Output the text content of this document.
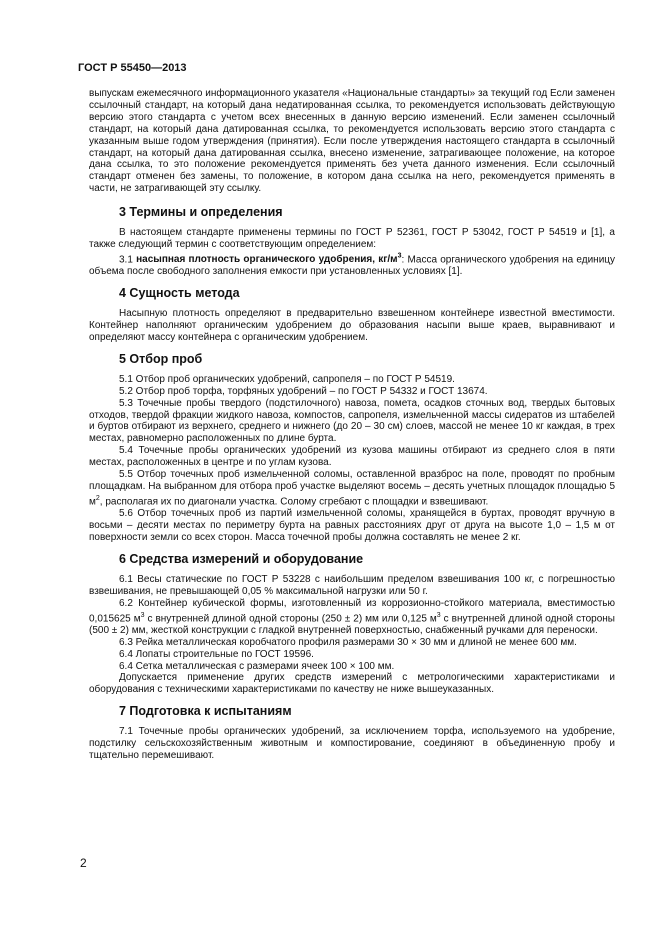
ГОСТ Р 55450—2013

выпускам ежемесячного информационного указателя «Национальные стандарты» за текущий год Если заменен ссылочный стандарт, на который дана недатированная ссылка, то рекомендуется использовать действующую версию этого стандарта с учетом всех внесенных в данную версию изменений. Если заменен ссылочный стандарт, на который дана датированная ссылка, то рекомендуется использовать версию этого стандарта с указанным выше годом утверждения (принятия). Если после утверждения настоящего стандарта в ссылочный стандарт, на который дана датированная ссылка, внесено изменение, затрагивающее положение, на которое дана ссылка, то это положение рекомендуется применять без учета данного изменения. Если ссылочный стандарт отменен без замены, то положение, в котором дана ссылка на него, рекомендуется применять в части, не затрагивающей эту ссылку.

3 Термины и определения

В настоящем стандарте применены термины по ГОСТ Р 52361, ГОСТ Р 53042, ГОСТ Р 54519 и [1], а также следующий термин с соответствующим определением:

3.1 насыпная плотность органического удобрения, $кг/м^3$: Масса органического удобрения на единицу объема после свободного заполнения емкости при установленных условиях [1].

4 Сущность метода

Насыпную плотность определяют в предварительно взвешенном контейнере известной вместимости. Контейнер наполняют органическим удобрением до образования насыпи выше краев, выравнивают и определяют массу контейнера с органическим удобрением.

5 Отбор проб

5.1 Отбор проб органических удобрений, сапропеля – по ГОСТ Р 54519.

5.2 Отбор проб торфа, торфяных удобрений – по ГОСТ Р 54332 и ГОСТ 13674.

5.3 Точечные пробы твердого (подстилочного) навоза, помета, осадков сточных вод, твердых бытовых отходов, твердой фракции жидкого навоза, компостов, сапропеля, измельченной массы сидератов из штабелей и буртов отбирают из верхнего, среднего и нижнего (до 20 – 30 см) слоев, массой не менее 10 кг каждая, в трех местах, равномерно расположенных по длине бурта.

5.4 Точечные пробы органических удобрений из кузова машины отбирают из среднего слоя в пяти местах, расположенных в центре и по углам кузова.

5.5 Отбор точечных проб измельченной соломы, оставленной вразброс на поле, проводят по пробным площадкам. На выбранном для отбора проб участке выделяют восемь – десять учетных площадок площадью 5 $м^2$, располагая их по диагонали участка. Солому сгребают с площадки и взвешивают.

5.6 Отбор точечных проб из партий измельченной соломы, хранящейся в буртах, проводят вручную в восьми – десяти местах по периметру бурта на равных расстояниях друг от друга на высоте 1,0 – 1,5 м от поверхности земли со всех сторон. Масса точечной пробы должна составлять не менее 2 кг.

6 Средства измерений и оборудование

6.1 Весы статические по ГОСТ Р 53228 с наибольшим пределом взвешивания 100 кг, с погрешностью взвешивания, не превышающей 0,05 % максимальной нагрузки или 50 г.

6.2 Контейнер кубической формы, изготовленный из коррозионно-стойкого материала, вместимостью 0,015625 $м^3$ с внутренней длиной одной стороны (250 ± 2) мм или 0,125 $м^3$ с внутренней длиной одной стороны (500 ± 2) мм, жесткой конструкции с гладкой внутренней поверхностью, снабженный ручками для переноски.

6.3 Рейка металлическая коробчатого профиля размерами 30 × 30 мм и длиной не менее 600 мм.

6.4 Лопаты строительные по ГОСТ 19596.

6.4 Сетка металлическая с размерами ячеек 100 × 100 мм.

Допускается применение других средств измерений с метрологическими характеристиками и оборудования с техническими характеристиками по качеству не ниже вышеуказанных.

7 Подготовка к испытаниям

7.1 Точечные пробы органических удобрений, за исключением торфа, используемого на удобрение, подстилку сельскохозяйственным животным и компостирование, соединяют в объединенную пробу и тщательно перемешивают.

2
